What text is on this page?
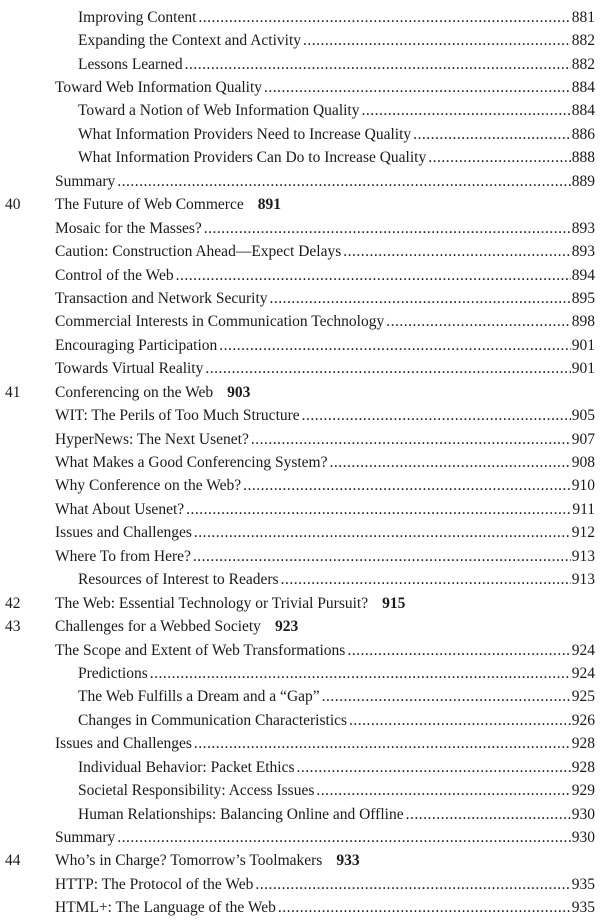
Improving Content .....	881
Expanding the Context and Activity .....	882
Lessons Learned .....	882
Toward Web Information Quality .....	884
Toward a Notion of Web Information Quality .....	884
What Information Providers Need to Increase Quality .....	886
What Information Providers Can Do to Increase Quality .....	888
Summary .....	889
40 The Future of Web Commerce 891
Mosaic for the Masses? .....	893
Caution: Construction Ahead—Expect Delays .....	893
Control of the Web .....	894
Transaction and Network Security .....	895
Commercial Interests in Communication Technology .....	898
Encouraging Participation .....	901
Towards Virtual Reality .....	901
41 Conferencing on the Web 903
WIT: The Perils of Too Much Structure .....	905
HyperNews: The Next Usenet? .....	907
What Makes a Good Conferencing System? .....	908
Why Conference on the Web? .....	910
What About Usenet? .....	911
Issues and Challenges .....	912
Where To from Here? .....	913
Resources of Interest to Readers .....	913
42 The Web: Essential Technology or Trivial Pursuit? 915
43 Challenges for a Webbed Society 923
The Scope and Extent of Web Transformations .....	924
Predictions .....	924
The Web Fulfills a Dream and a “Gap” .....	925
Changes in Communication Characteristics .....	926
Issues and Challenges .....	928
Individual Behavior: Packet Ethics .....	928
Societal Responsibility: Access Issues .....	929
Human Relationships: Balancing Online and Offline .....	930
Summary .....	930
44 Who’s in Charge? Tomorrow’s Toolmakers 933
HTTP: The Protocol of the Web .....	935
HTML+: The Language of the Web .....	935
